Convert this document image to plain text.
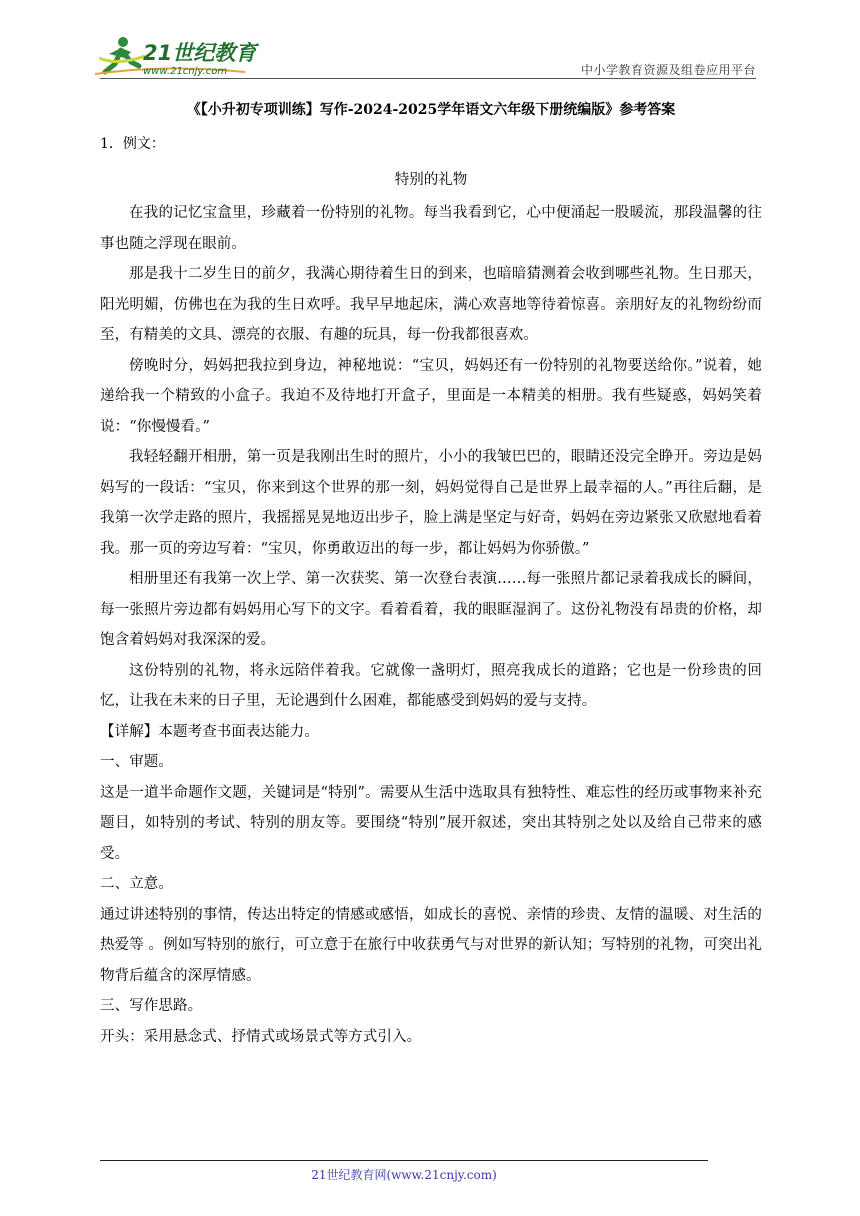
21世纪教育
www.21cnjy.com	中小学教育资源及组卷应用平台

《【小升初专项训练】写作-2024-2025学年语文六年级下册统编版》参考答案

1．例文：

特别的礼物

在我的记忆宝盒里，珍藏着一份特别的礼物。每当我看到它，心中便涌起一股暖流，那段温馨的往事也随之浮现在眼前。

那是我十二岁生日的前夕，我满心期待着生日的到来，也暗暗猜测着会收到哪些礼物。生日那天，阳光明媚，仿佛也在为我的生日欢呼。我早早地起床，满心欢喜地等待着惊喜。亲朋好友的礼物纷纷而至，有精美的文具、漂亮的衣服、有趣的玩具，每一份我都很喜欢。

傍晚时分，妈妈把我拉到身边，神秘地说：“宝贝，妈妈还有一份特别的礼物要送给你。”说着，她递给我一个精致的小盒子。我迫不及待地打开盒子，里面是一本精美的相册。我有些疑惑，妈妈笑着说：“你慢慢看。”

我轻轻翻开相册，第一页是我刚出生时的照片，小小的我皱巴巴的，眼睛还没完全睁开。旁边是妈妈写的一段话：“宝贝，你来到这个世界的那一刻，妈妈觉得自己是世界上最幸福的人。”再往后翻，是我第一次学走路的照片，我摇摇晃晃地迈出步子，脸上满是坚定与好奇，妈妈在旁边紧张又欣慰地看着我。那一页的旁边写着：“宝贝，你勇敢迈出的每一步，都让妈妈为你骄傲。”

相册里还有我第一次上学、第一次获奖、第一次登台表演……每一张照片都记录着我成长的瞬间，每一张照片旁边都有妈妈用心写下的文字。看着看着，我的眼眶湿润了。这份礼物没有昂贵的价格，却饱含着妈妈对我深深的爱。

这份特别的礼物，将永远陪伴着我。它就像一盏明灯，照亮我成长的道路；它也是一份珍贵的回忆，让我在未来的日子里，无论遇到什么困难，都能感受到妈妈的爱与支持。

【详解】本题考查书面表达能力。

一、审题。

这是一道半命题作文题，关键词是“特别”。需要从生活中选取具有独特性、难忘性的经历或事物来补充题目，如特别的考试、特别的朋友等。要围绕“特别”展开叙述，突出其特别之处以及给自己带来的感受。

二、立意。

通过讲述特别的事情，传达出特定的情感或感悟，如成长的喜悦、亲情的珍贵、友情的温暖、对生活的热爱等 。例如写特别的旅行，可立意于在旅行中收获勇气与对世界的新认知；写特别的礼物，可突出礼物背后蕴含的深厚情感。

三、写作思路。

开头：采用悬念式、抒情式或场景式等方式引入。

21世纪教育网(www.21cnjy.com)
